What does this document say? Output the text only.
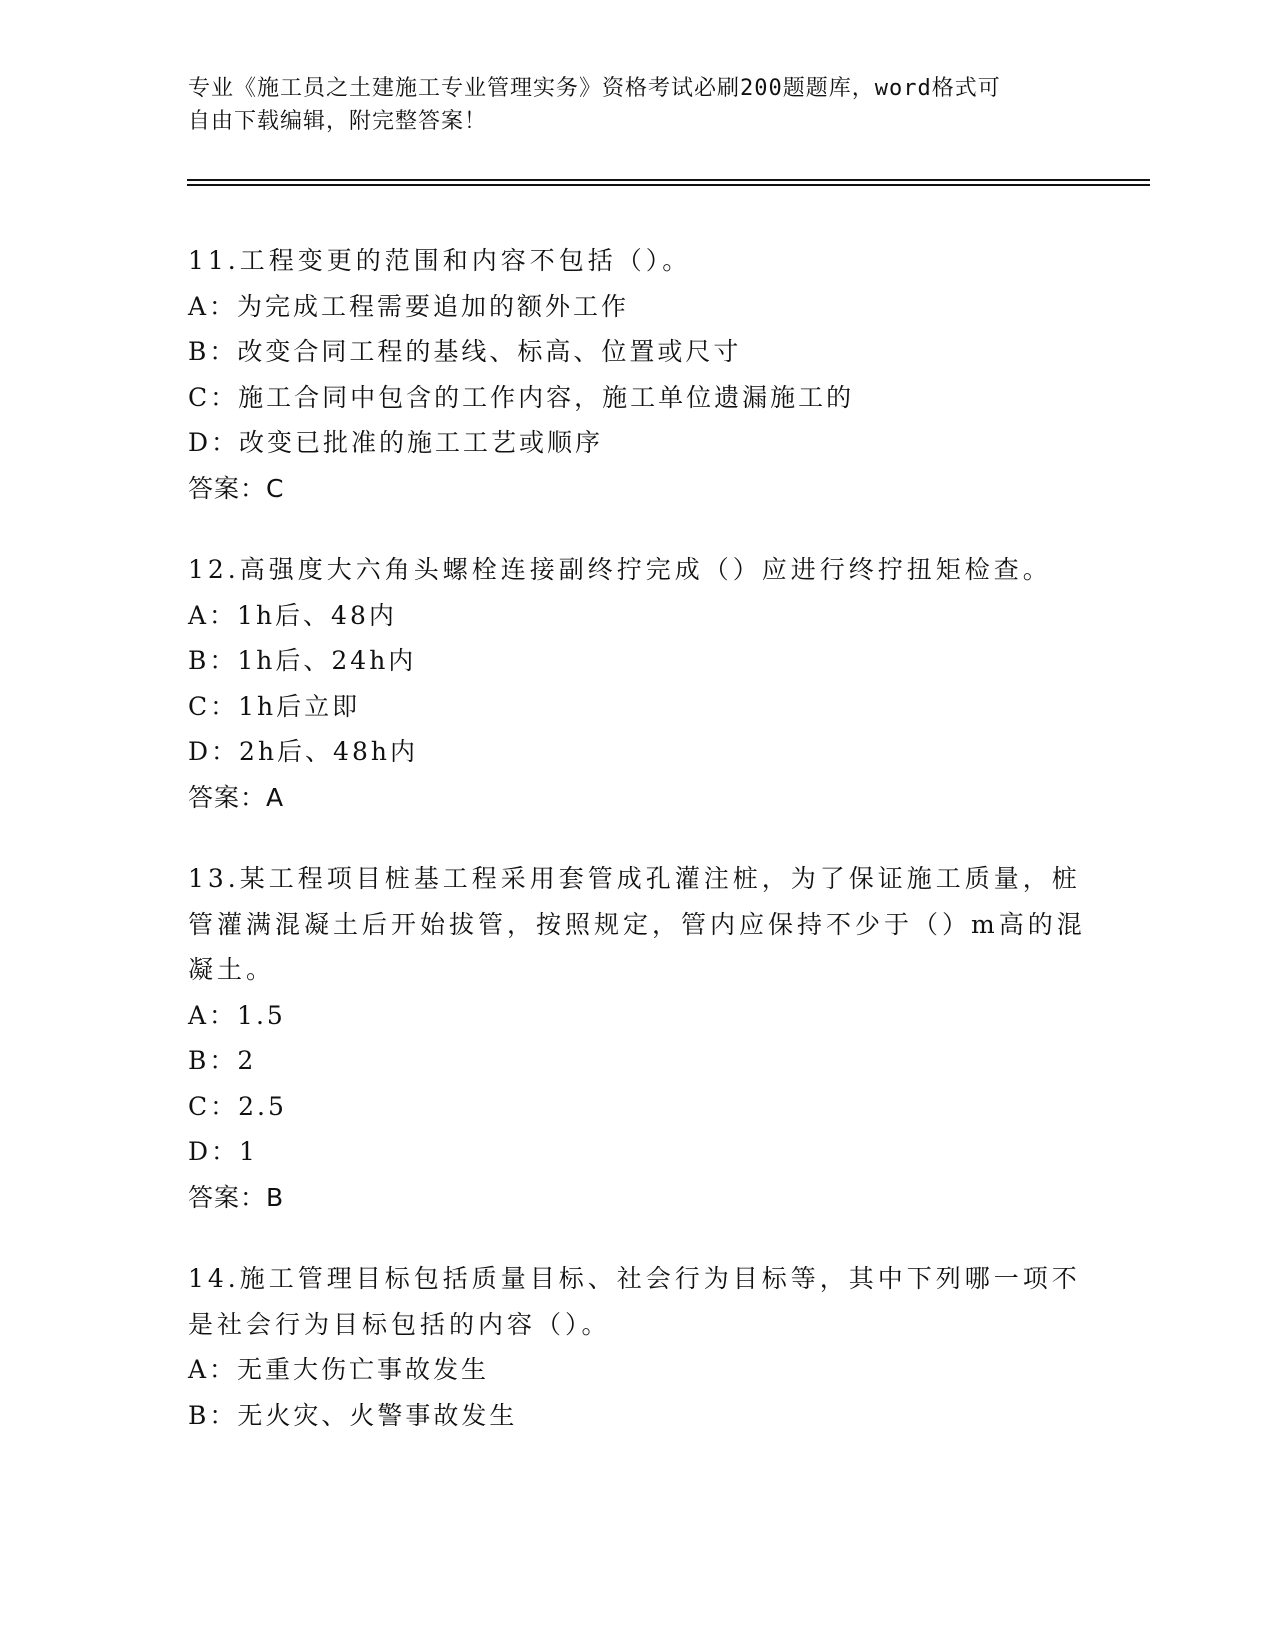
专业《施工员之土建施工专业管理实务》资格考试必刷200题题库，word格式可
自由下载编辑，附完整答案！
11.工程变更的范围和内容不包括（）。
A：为完成工程需要追加的额外工作
B：改变合同工程的基线、标高、位置或尺寸
C：施工合同中包含的工作内容，施工单位遗漏施工的
D：改变已批准的施工工艺或顺序
答案：C
12.高强度大六角头螺栓连接副终拧完成（）应进行终拧扭矩检查。
A：1h后、48内
B：1h后、24h内
C：1h后立即
D：2h后、48h内
答案：A
13.某工程项目桩基工程采用套管成孔灌注桩，为了保证施工质量，桩
管灌满混凝土后开始拔管，按照规定，管内应保持不少于（）m高的混
凝土。
A：1.5
B：2
C：2.5
D：1
答案：B
14.施工管理目标包括质量目标、社会行为目标等，其中下列哪一项不
是社会行为目标包括的内容（）。
A：无重大伤亡事故发生
B：无火灾、火警事故发生
